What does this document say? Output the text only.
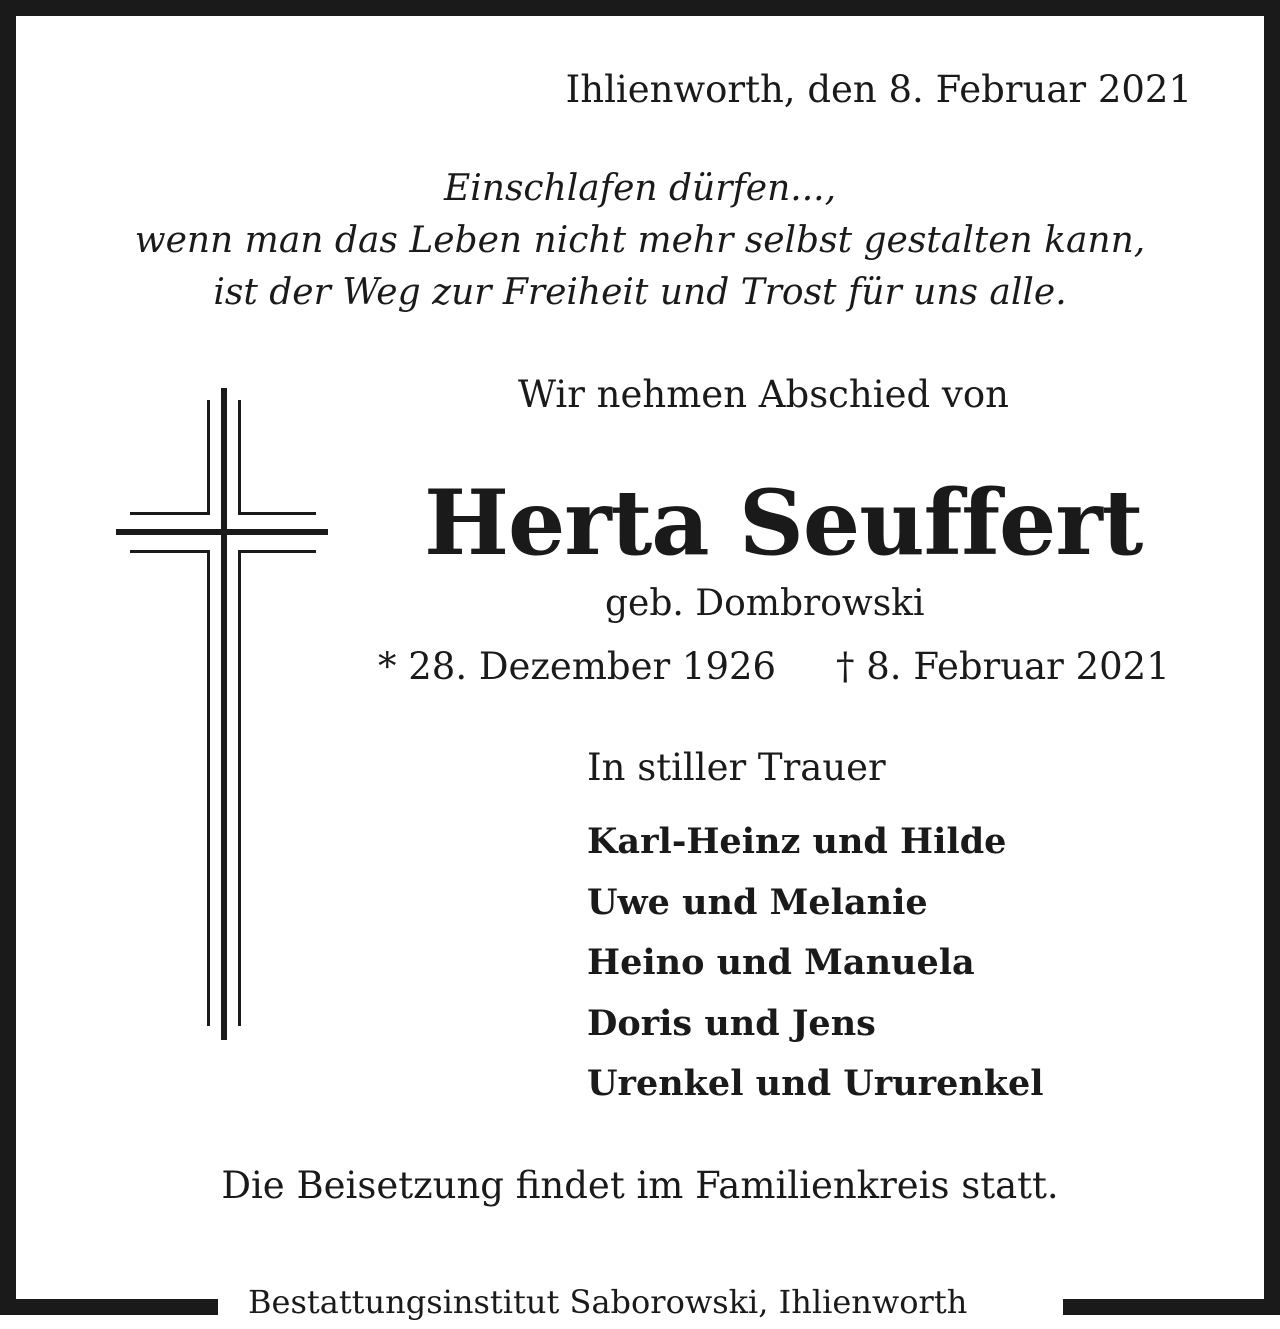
Ihlienworth, den 8. Februar 2021
Einschlafen dürfen...,
wenn man das Leben nicht mehr selbst gestalten kann,
ist der Weg zur Freiheit und Trost für uns alle.
Wir nehmen Abschied von
Herta Seuffert
geb. Dombrowski
* 28. Dezember 1926 † 8. Februar 2021
In stiller Trauer
Karl-Heinz und Hilde
Uwe und Melanie
Heino und Manuela
Doris und Jens
Urenkel und Ururenkel
Die Beisetzung findet im Familienkreis statt.
Bestattungsinstitut Saborowski, Ihlienworth
